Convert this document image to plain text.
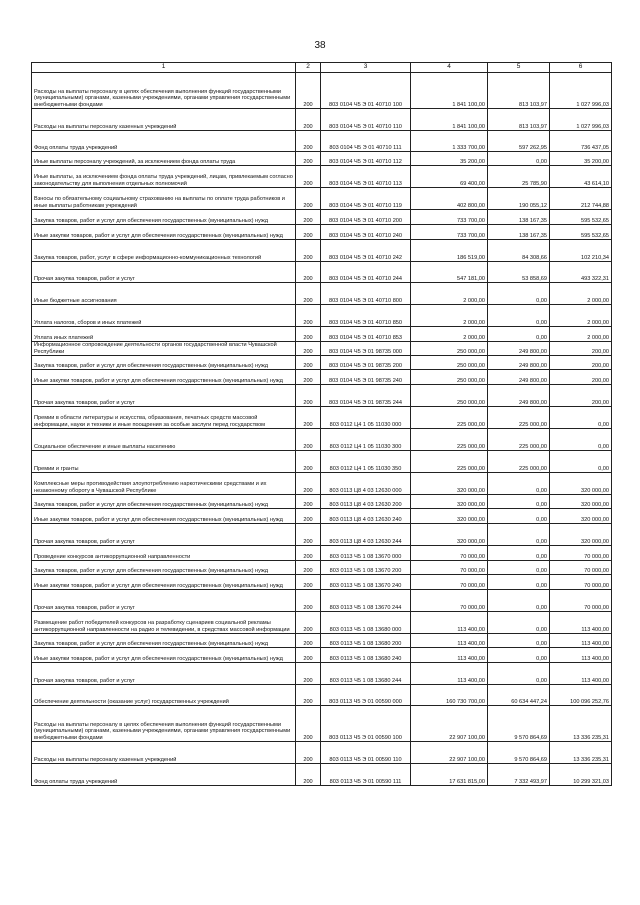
38
1	2	3	4	5	6
Расходы на выплаты персоналу в целях обеспечения выполнения функций государственными (муниципальными) органами, казенными учреждениями, органами управления государственными внебюджетными фондами	200	803 0104 Ч5 Э 01 40710 100	1 841 100,00	813 103,97	1 027 996,03
Расходы на выплаты персоналу казенных учреждений	200	803 0104 Ч5 Э 01 40710 110	1 841 100,00	813 103,97	1 027 996,03
Фонд оплаты труда учреждений	200	803 0104 Ч5 Э 01 40710 111	1 333 700,00	597 262,95	736 437,05
Иные выплаты персоналу учреждений, за исключением фонда оплаты труда	200	803 0104 Ч5 Э 01 40710 112	35 200,00	0,00	35 200,00
Иные выплаты, за исключением фонда оплаты труда учреждений, лицам, привлекаемым согласно законодательству для выполнения отдельных полномочий	200	803 0104 Ч5 Э 01 40710 113	69 400,00	25 785,90	43 614,10
Взносы по обязательному социальному страхованию на выплаты по оплате труда работников и иные выплаты работникам учреждений	200	803 0104 Ч5 Э 01 40710 119	402 800,00	190 055,12	212 744,88
Закупка товаров, работ и услуг для обеспечения государственных (муниципальных) нужд	200	803 0104 Ч5 Э 01 40710 200	733 700,00	138 167,35	595 532,65
Иные закупки товаров, работ и услуг для обеспечения государственных (муниципальных) нужд	200	803 0104 Ч5 Э 01 40710 240	733 700,00	138 167,35	595 532,65
Закупка товаров, работ, услуг в сфере информационно-коммуникационных технологий	200	803 0104 Ч5 Э 01 40710 242	186 519,00	84 308,66	102 210,34
Прочая закупка товаров, работ и услуг	200	803 0104 Ч5 Э 01 40710 244	547 181,00	53 858,69	493 322,31
Иные бюджетные ассигнования	200	803 0104 Ч5 Э 01 40710 800	2 000,00	0,00	2 000,00
Уплата налогов, сборов и иных платежей	200	803 0104 Ч5 Э 01 40710 850	2 000,00	0,00	2 000,00
Уплата иных платежей	200	803 0104 Ч5 Э 01 40710 853	2 000,00	0,00	2 000,00
Информационное сопровождение деятельности органов государственной власти Чувашской Республики	200	803 0104 Ч5 Э 01 98735 000	250 000,00	249 800,00	200,00
Закупка товаров, работ и услуг для обеспечения государственных (муниципальных) нужд	200	803 0104 Ч5 Э 01 98735 200	250 000,00	249 800,00	200,00
Иные закупки товаров, работ и услуг для обеспечения государственных (муниципальных) нужд	200	803 0104 Ч5 Э 01 98735 240	250 000,00	249 800,00	200,00
Прочая закупка товаров, работ и услуг	200	803 0104 Ч5 Э 01 98735 244	250 000,00	249 800,00	200,00
Премии в области литературы и искусства, образования, печатных средств массовой информации, науки и техники и иные поощрения за особые заслуги перед государством	200	803 0112 Ц4 1 05 11030 000	225 000,00	225 000,00	0,00
Социальное обеспечение и иные выплаты населению	200	803 0112 Ц4 1 05 11030 300	225 000,00	225 000,00	0,00
Премии и гранты	200	803 0112 Ц4 1 05 11030 350	225 000,00	225 000,00	0,00
Комплексные меры противодействия злоупотреблению наркотическими средствами и их незаконному обороту в Чувашской Республике	200	803 0113 Ц8 4 03 12630 000	320 000,00	0,00	320 000,00
Закупка товаров, работ и услуг для обеспечения государственных (муниципальных) нужд	200	803 0113 Ц8 4 03 12630 200	320 000,00	0,00	320 000,00
Иные закупки товаров, работ и услуг для обеспечения государственных (муниципальных) нужд	200	803 0113 Ц8 4 03 12630 240	320 000,00	0,00	320 000,00
Прочая закупка товаров, работ и услуг	200	803 0113 Ц8 4 03 12630 244	320 000,00	0,00	320 000,00
Проведение конкурсов антикоррупционной направленности	200	803 0113 Ч5 1 08 13670 000	70 000,00	0,00	70 000,00
Закупка товаров, работ и услуг для обеспечения государственных (муниципальных) нужд	200	803 0113 Ч5 1 08 13670 200	70 000,00	0,00	70 000,00
Иные закупки товаров, работ и услуг для обеспечения государственных (муниципальных) нужд	200	803 0113 Ч5 1 08 13670 240	70 000,00	0,00	70 000,00
Прочая закупка товаров, работ и услуг	200	803 0113 Ч5 1 08 13670 244	70 000,00	0,00	70 000,00
Размещение работ победителей конкурсов на разработку сценариев социальной рекламы антикоррупционной направленности на радио и телевидении, в средствах массовой информации	200	803 0113 Ч5 1 08 13680 000	113 400,00	0,00	113 400,00
Закупка товаров, работ и услуг для обеспечения государственных (муниципальных) нужд	200	803 0113 Ч5 1 08 13680 200	113 400,00	0,00	113 400,00
Иные закупки товаров, работ и услуг для обеспечения государственных (муниципальных) нужд	200	803 0113 Ч5 1 08 13680 240	113 400,00	0,00	113 400,00
Прочая закупка товаров, работ и услуг	200	803 0113 Ч5 1 08 13680 244	113 400,00	0,00	113 400,00
Обеспечение деятельности (оказание услуг) государственных учреждений	200	803 0113 Ч5 Э 01 00590 000	160 730 700,00	60 634 447,24	100 096 252,76
Расходы на выплаты персоналу в целях обеспечения выполнения функций государственными (муниципальными) органами, казенными учреждениями, органами управления государственными внебюджетными фондами	200	803 0113 Ч5 Э 01 00590 100	22 907 100,00	9 570 864,69	13 336 235,31
Расходы на выплаты персоналу казенных учреждений	200	803 0113 Ч5 Э 01 00590 110	22 907 100,00	9 570 864,69	13 336 235,31
Фонд оплаты труда учреждений	200	803 0113 Ч5 Э 01 00590 111	17 631 815,00	7 332 493,97	10 299 321,03
